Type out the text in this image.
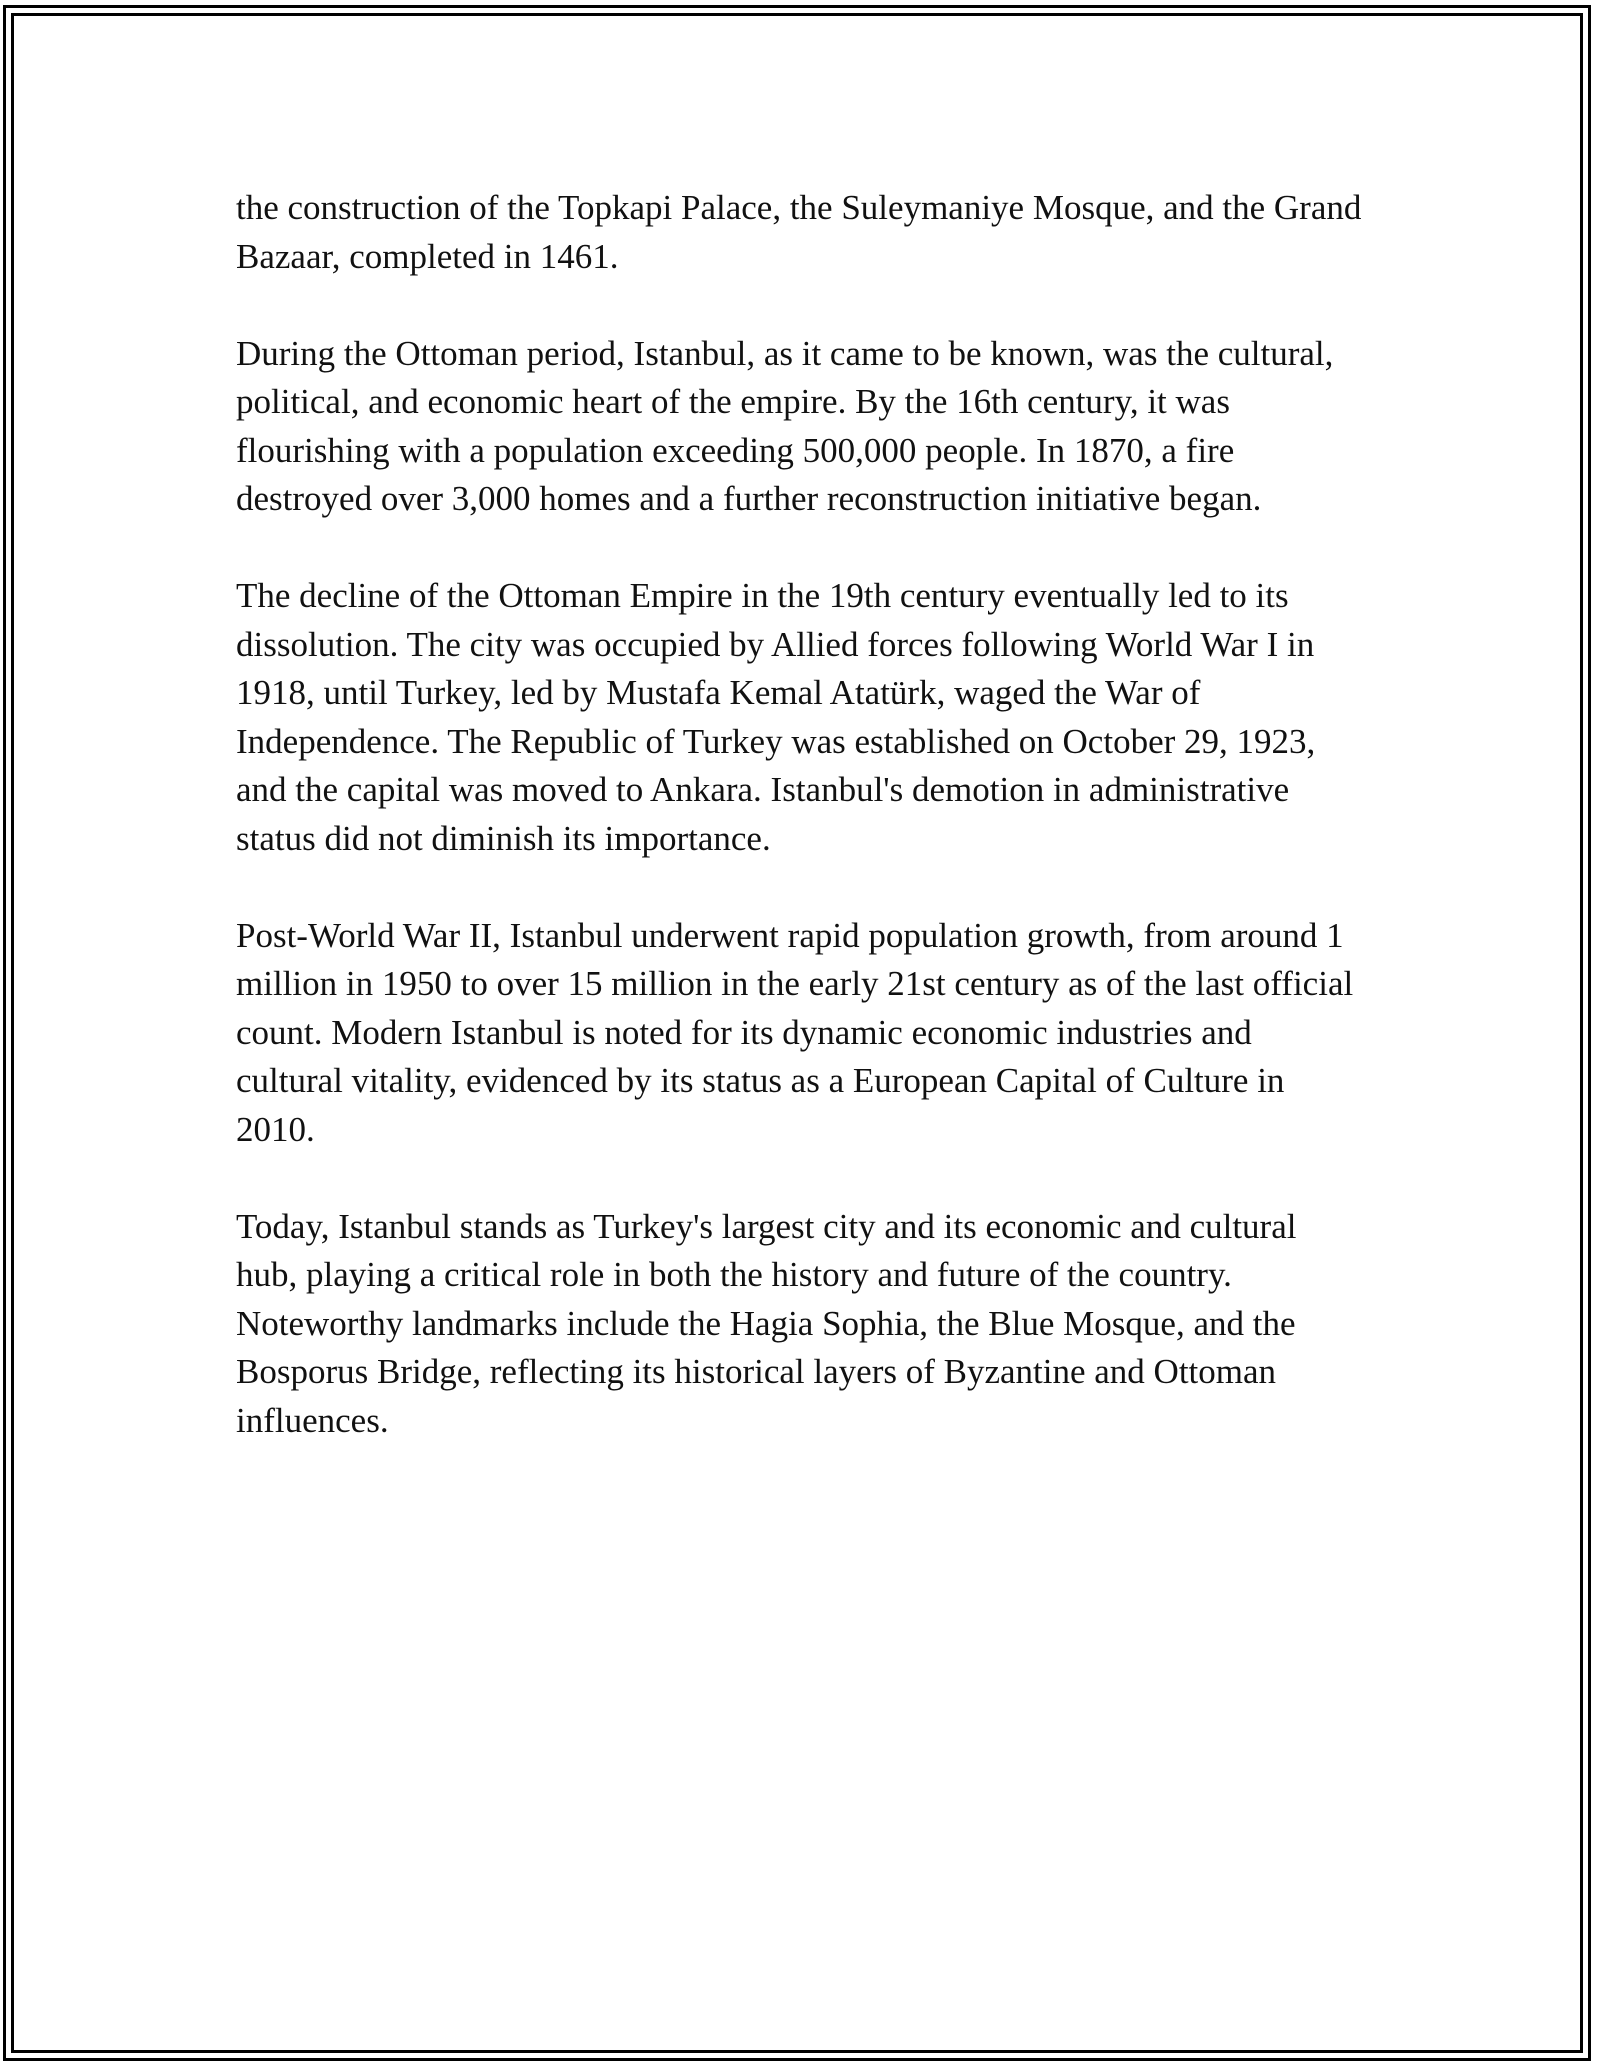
the construction of the Topkapi Palace, the Suleymaniye Mosque, and the Grand Bazaar, completed in 1461.

During the Ottoman period, Istanbul, as it came to be known, was the cultural, political, and economic heart of the empire. By the 16th century, it was flourishing with a population exceeding 500,000 people. In 1870, a fire destroyed over 3,000 homes and a further reconstruction initiative began.

The decline of the Ottoman Empire in the 19th century eventually led to its dissolution. The city was occupied by Allied forces following World War I in 1918, until Turkey, led by Mustafa Kemal Atatürk, waged the War of Independence. The Republic of Turkey was established on October 29, 1923, and the capital was moved to Ankara. Istanbul's demotion in administrative status did not diminish its importance.

Post-World War II, Istanbul underwent rapid population growth, from around 1 million in 1950 to over 15 million in the early 21st century as of the last official count. Modern Istanbul is noted for its dynamic economic industries and cultural vitality, evidenced by its status as a European Capital of Culture in 2010.

Today, Istanbul stands as Turkey's largest city and its economic and cultural hub, playing a critical role in both the history and future of the country. Noteworthy landmarks include the Hagia Sophia, the Blue Mosque, and the Bosporus Bridge, reflecting its historical layers of Byzantine and Ottoman influences.
